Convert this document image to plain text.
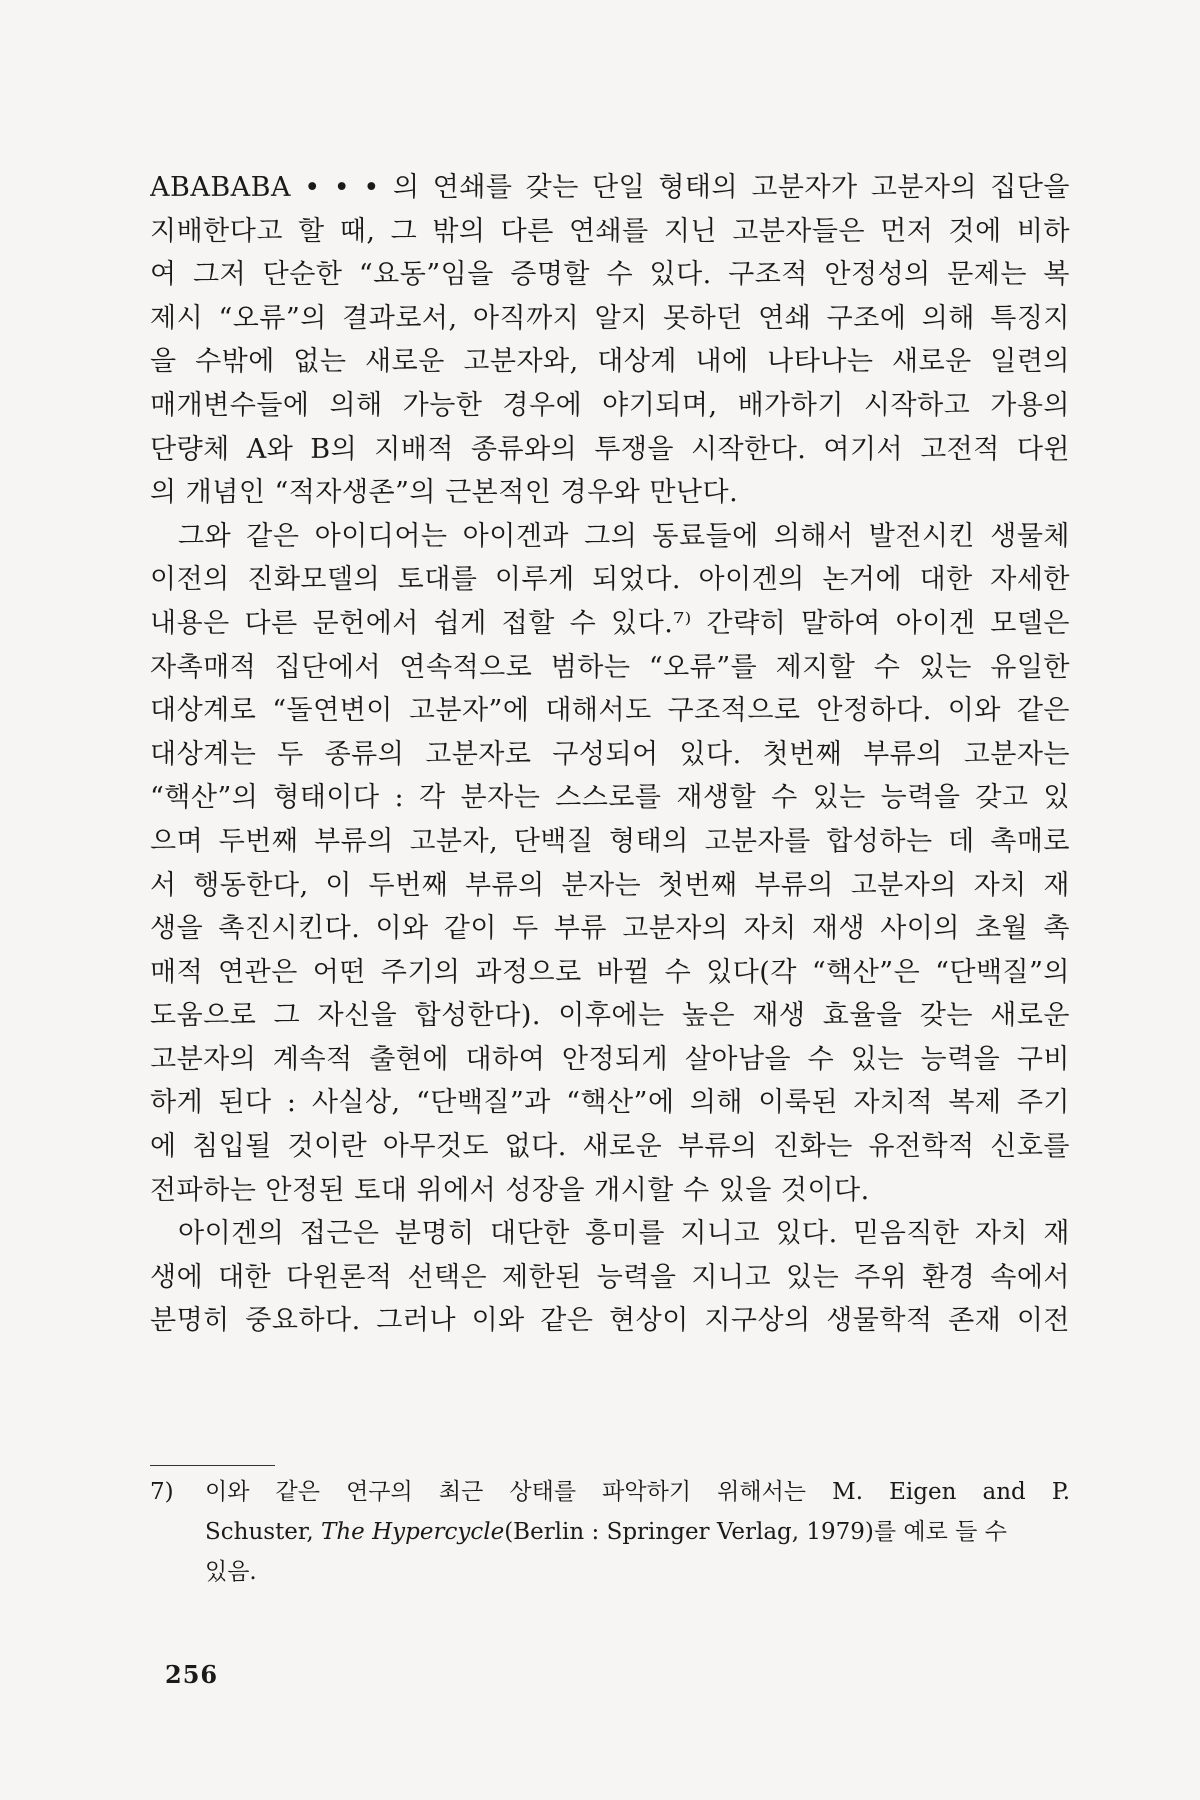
ABABABA • • • 의 연쇄를 갖는 단일 형태의 고분자가 고분자의 집단을
지배한다고 할 때, 그 밖의 다른 연쇄를 지닌 고분자들은 먼저 것에 비하
여 그저 단순한 “요동”임을 증명할 수 있다. 구조적 안정성의 문제는 복
제시 “오류”의 결과로서, 아직까지 알지 못하던 연쇄 구조에 의해 특징지
을 수밖에 없는 새로운 고분자와, 대상계 내에 나타나는 새로운 일련의
매개변수들에 의해 가능한 경우에 야기되며, 배가하기 시작하고 가용의
단량체 A와 B의 지배적 종류와의 투쟁을 시작한다. 여기서 고전적 다윈
의 개념인 “적자생존”의 근본적인 경우와 만난다.
그와 같은 아이디어는 아이겐과 그의 동료들에 의해서 발전시킨 생물체
이전의 진화모델의 토대를 이루게 되었다. 아이겐의 논거에 대한 자세한
내용은 다른 문헌에서 쉽게 접할 수 있다.⁷⁾ 간략히 말하여 아이겐 모델은
자촉매적 집단에서 연속적으로 범하는 “오류”를 제지할 수 있는 유일한
대상계로 “돌연변이 고분자”에 대해서도 구조적으로 안정하다. 이와 같은
대상계는 두 종류의 고분자로 구성되어 있다. 첫번째 부류의 고분자는
“핵산”의 형태이다 : 각 분자는 스스로를 재생할 수 있는 능력을 갖고 있
으며 두번째 부류의 고분자, 단백질 형태의 고분자를 합성하는 데 촉매로
서 행동한다, 이 두번째 부류의 분자는 첫번째 부류의 고분자의 자치 재
생을 촉진시킨다. 이와 같이 두 부류 고분자의 자치 재생 사이의 초월 촉
매적 연관은 어떤 주기의 과정으로 바뀔 수 있다(각 “핵산”은 “단백질”의
도움으로 그 자신을 합성한다). 이후에는 높은 재생 효율을 갖는 새로운
고분자의 계속적 출현에 대하여 안정되게 살아남을 수 있는 능력을 구비
하게 된다 : 사실상, “단백질”과 “핵산”에 의해 이룩된 자치적 복제 주기
에 침입될 것이란 아무것도 없다. 새로운 부류의 진화는 유전학적 신호를
전파하는 안정된 토대 위에서 성장을 개시할 수 있을 것이다.
아이겐의 접근은 분명히 대단한 흥미를 지니고 있다. 믿음직한 자치 재
생에 대한 다윈론적 선택은 제한된 능력을 지니고 있는 주위 환경 속에서
분명히 중요하다. 그러나 이와 같은 현상이 지구상의 생물학적 존재 이전
7) 이와 같은 연구의 최근 상태를 파악하기 위해서는 M. Eigen and P.
Schuster, The Hypercycle(Berlin : Springer Verlag, 1979)를 예로 들 수
있음.
256
